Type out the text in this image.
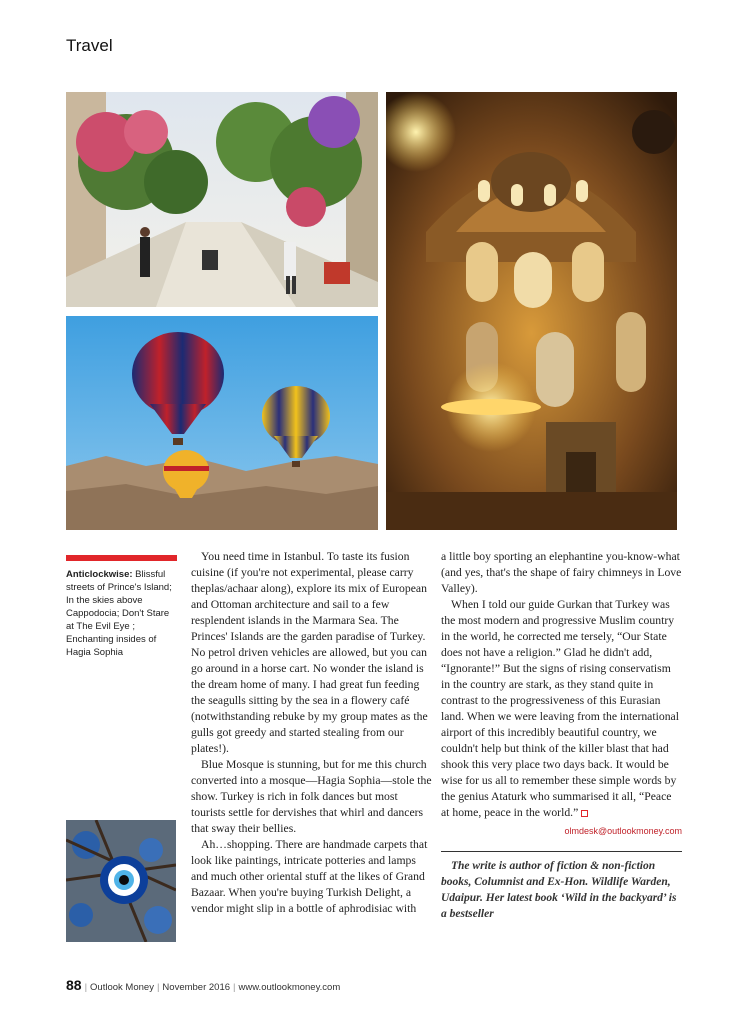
Travel
Anticlockwise: Blissful streets of Prince's Island; In the skies above Cappodocia; Don't Stare at The Evil Eye ; Enchanting insides of Hagia Sophia

You need time in Istanbul. To taste its fusion cuisine (if you're not experimental, please carry theplas/achaar along), explore its mix of European and Ottoman architecture and sail to a few resplendent islands in the Marmara Sea. The Princes' Islands are the garden paradise of Turkey. No petrol driven vehicles are allowed, but you can go around in a horse cart. No wonder the island is the dream home of many. I had great fun feeding the seagulls sitting by the sea in a flowery café (notwithstanding rebuke by my group mates as the gulls got greedy and started stealing from our plates!).

Blue Mosque is stunning, but for me this church converted into a mosque—Hagia Sophia—stole the show. Turkey is rich in folk dances but most tourists settle for dervishes that whirl and dancers that sway their bellies.

Ah…shopping. There are handmade carpets that look like paintings, intricate potteries and lamps and much other oriental stuff at the likes of Grand Bazaar. When you're buying Turkish Delight, a vendor might slip in a bottle of aphrodisiac with

a little boy sporting an elephantine you-know-what (and yes, that's the shape of fairy chimneys in Love Valley).

When I told our guide Gurkan that Turkey was the most modern and progressive Muslim country in the world, he corrected me tersely, “Our State does not have a religion.” Glad he didn't add, “Ignorante!” But the signs of rising conservatism in the country are stark, as they stand quite in contrast to the progressiveness of this Eurasian land. When we were leaving from the international airport of this incredibly beautiful country, we couldn't help but think of the killer blast that had shook this very place two days back. It would be wise for us all to remember these simple words by the genius Ataturk who summarised it all, “Peace at home, peace in the world.”

olmdesk@outlookmoney.com

The write is author of fiction & non-fiction books, Columnist and Ex-Hon. Wildlife Warden, Udaipur. Her latest book ‘Wild in the backyard’ is a bestseller

88 | Outlook Money | November 2016 | www.outlookmoney.com
